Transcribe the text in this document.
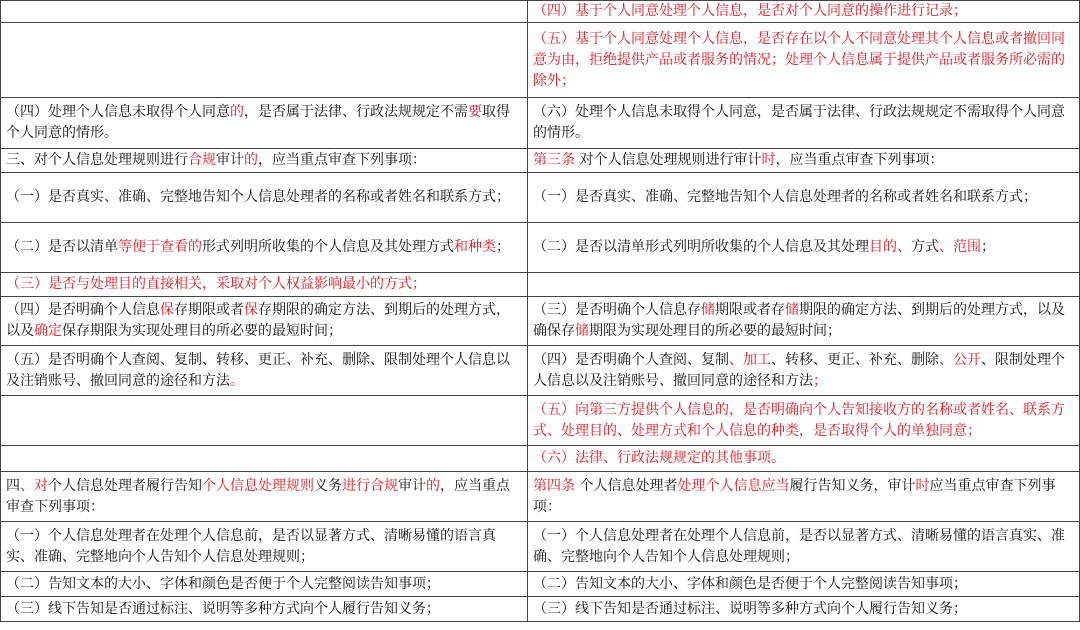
	（四）基于个人同意处理个人信息，是否对个人同意的操作进行记录；
	（五）基于个人同意处理个人信息，是否存在以个人不同意处理其个人信息或者撤回同意为由，拒绝提供产品或者服务的情况；处理个人信息属于提供产品或者服务所必需的除外；
（四）处理个人信息未取得个人同意的，是否属于法律、行政法规规定不需要取得个人同意的情形。	（六）处理个人信息未取得个人同意，是否属于法律、行政法规规定不需取得个人同意的情形。
三、对个人信息处理规则进行合规审计的，应当重点审查下列事项：	第三条 对个人信息处理规则进行审计时，应当重点审查下列事项：
（一）是否真实、准确、完整地告知个人信息处理者的名称或者姓名和联系方式；	（一）是否真实、准确、完整地告知个人信息处理者的名称或者姓名和联系方式；
（二）是否以清单等便于查看的形式列明所收集的个人信息及其处理方式和种类；	（二）是否以清单形式列明所收集的个人信息及其处理目的、方式、范围；
（三）是否与处理目的直接相关，采取对个人权益影响最小的方式；	
（四）是否明确个人信息保存期限或者保存期限的确定方法、到期后的处理方式，以及确定保存期限为实现处理目的所必要的最短时间；	（三）是否明确个人信息存储期限或者存储期限的确定方法、到期后的处理方式，以及确保存储期限为实现处理目的所必要的最短时间；
（五）是否明确个人查阅、复制、转移、更正、补充、删除、限制处理个人信息以及注销账号、撤回同意的途径和方法。	（四）是否明确个人查阅、复制、加工、转移、更正、补充、删除、公开、限制处理个人信息以及注销账号、撤回同意的途径和方法；
	（五）向第三方提供个人信息的，是否明确向个人告知接收方的名称或者姓名、联系方式、处理目的、处理方式和个人信息的种类，是否取得个人的单独同意；
	（六）法律、行政法规规定的其他事项。
四、对个人信息处理者履行告知个人信息处理规则义务进行合规审计的，应当重点审查下列事项：	第四条 个人信息处理者处理个人信息应当履行告知义务，审计时应当重点审查下列事项：
（一）个人信息处理者在处理个人信息前，是否以显著方式、清晰易懂的语言真实、准确、完整地向个人告知个人信息处理规则；	（一）个人信息处理者在处理个人信息前，是否以显著方式、清晰易懂的语言真实、准确、完整地向个人告知个人信息处理规则；
（二）告知文本的大小、字体和颜色是否便于个人完整阅读告知事项；	（二）告知文本的大小、字体和颜色是否便于个人完整阅读告知事项；
（三）线下告知是否通过标注、说明等多种方式向个人履行告知义务；	（三）线下告知是否通过标注、说明等多种方式向个人履行告知义务；
